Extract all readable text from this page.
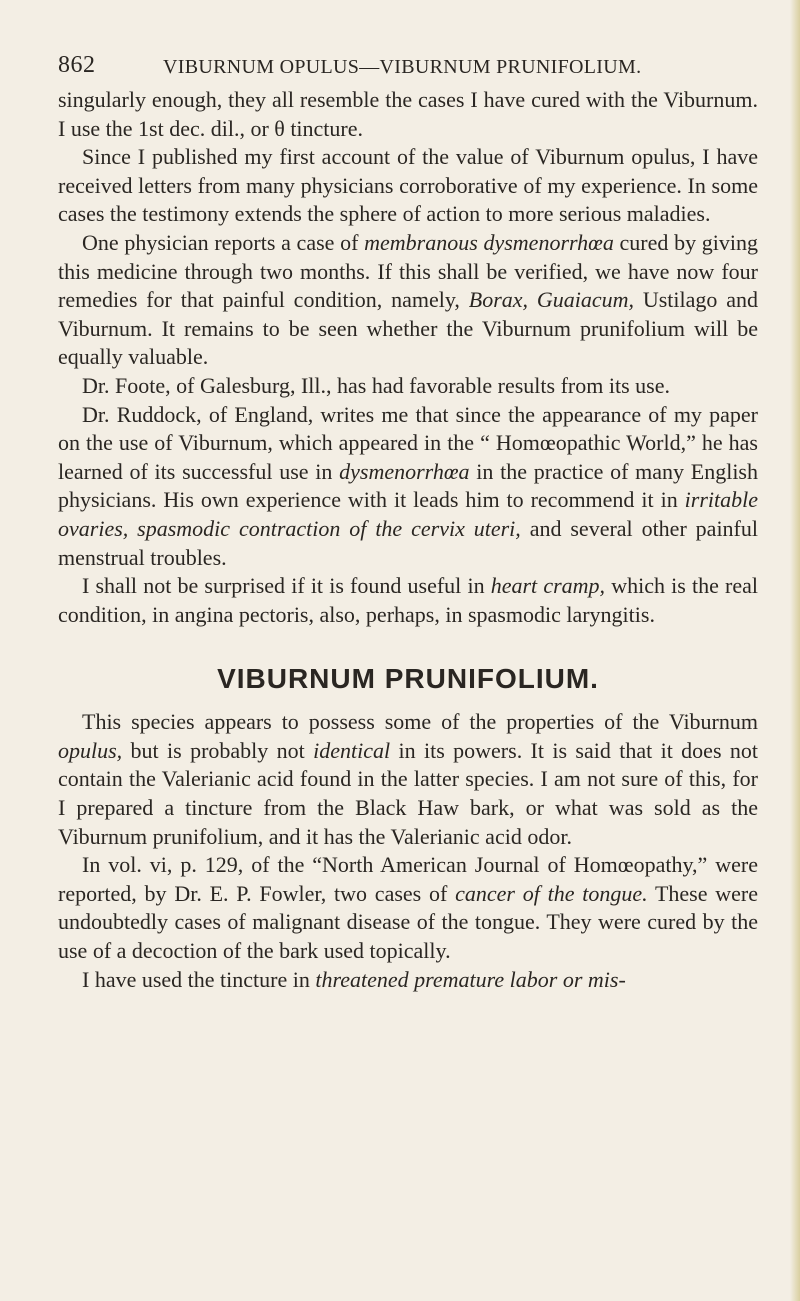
862	VIBURNUM OPULUS—VIBURNUM PRUNIFOLIUM.

singularly enough, they all resemble the cases I have cured with the Viburnum. I use the 1st dec. dil., or θ tincture.

Since I published my first account of the value of Viburnum opulus, I have received letters from many physicians corroborative of my experience. In some cases the testimony extends the sphere of action to more serious maladies.

One physician reports a case of membranous dysmenorrhœa cured by giving this medicine through two months. If this shall be verified, we have now four remedies for that painful condition, namely, Borax, Guaiacum, Ustilago and Viburnum. It remains to be seen whether the Viburnum prunifolium will be equally valuable.

Dr. Foote, of Galesburg, Ill., has had favorable results from its use.

Dr. Ruddock, of England, writes me that since the appearance of my paper on the use of Viburnum, which appeared in the “ Homœopathic World,” he has learned of its successful use in dysmenorrhœa in the practice of many English physicians. His own experience with it leads him to recommend it in irritable ovaries, spasmodic contraction of the cervix uteri, and several other painful menstrual troubles.

I shall not be surprised if it is found useful in heart cramp, which is the real condition, in angina pectoris, also, perhaps, in spasmodic laryngitis.

VIBURNUM PRUNIFOLIUM.

This species appears to possess some of the properties of the Viburnum opulus, but is probably not identical in its powers. It is said that it does not contain the Valerianic acid found in the latter species. I am not sure of this, for I prepared a tincture from the Black Haw bark, or what was sold as the Viburnum prunifolium, and it has the Valerianic acid odor.

In vol. vi, p. 129, of the “North American Journal of Homœopathy,” were reported, by Dr. E. P. Fowler, two cases of cancer of the tongue. These were undoubtedly cases of malignant disease of the tongue. They were cured by the use of a decoction of the bark used topically.

I have used the tincture in threatened premature labor or mis-
